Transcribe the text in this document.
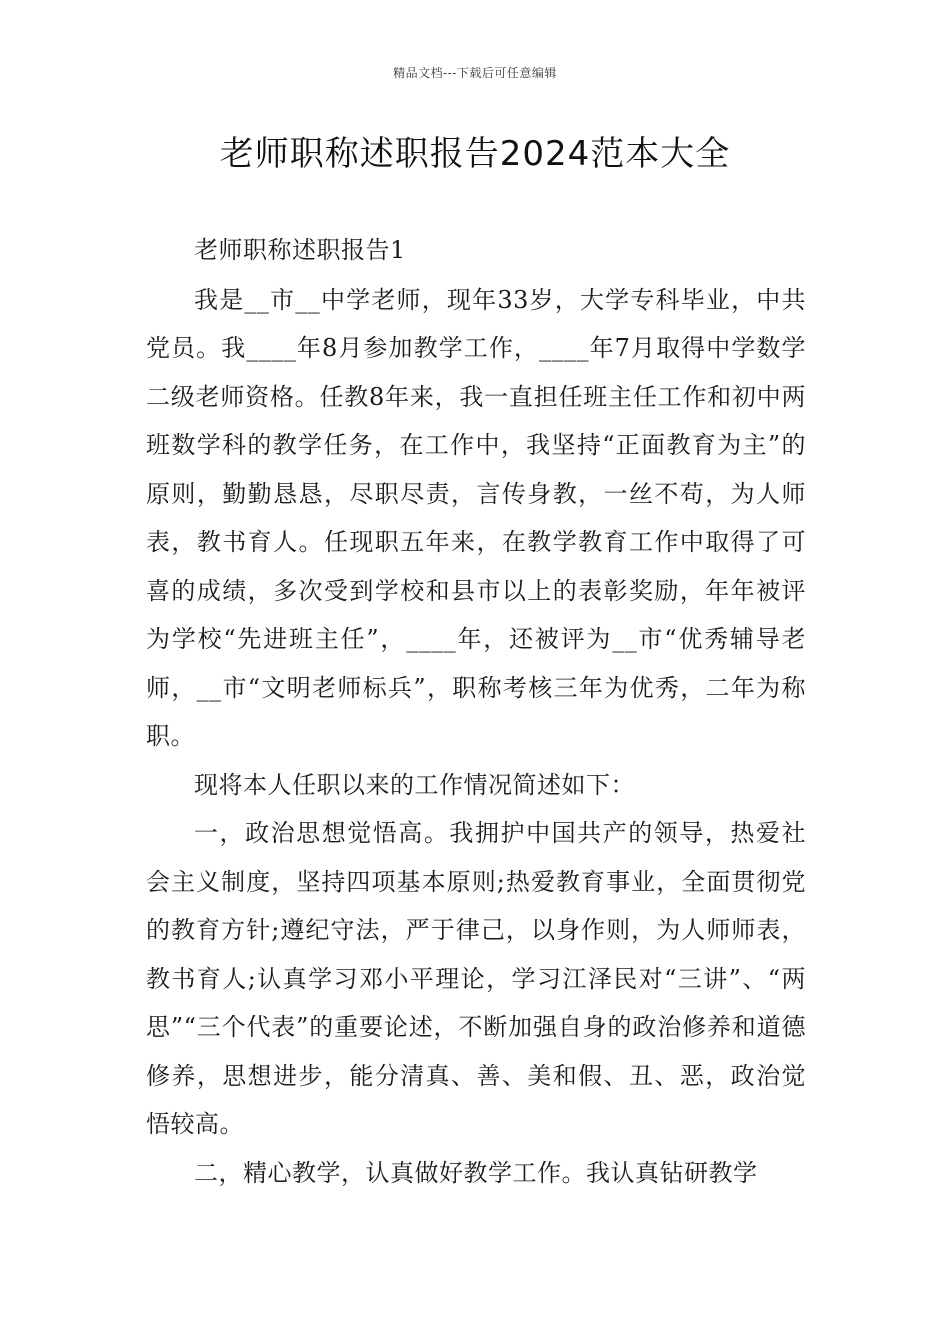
精品文档---下载后可任意编辑
老师职称述职报告2024范本大全

老师职称述职报告1

我是__市__中学老师，现年33岁，大学专科毕业，中共党员。我____年8月参加教学工作，____年7月取得中学数学二级老师资格。任教8年来，我一直担任班主任工作和初中两班数学科的教学任务，在工作中，我坚持“正面教育为主”的原则，勤勤恳恳，尽职尽责，言传身教，一丝不苟，为人师表，教书育人。任现职五年来，在教学教育工作中取得了可喜的成绩，多次受到学校和县市以上的表彰奖励，年年被评为学校“先进班主任”，____年，还被评为__市“优秀辅导老师，__市“文明老师标兵”，职称考核三年为优秀，二年为称职。

现将本人任职以来的工作情况简述如下：

一，政治思想觉悟高。我拥护中国共产的领导，热爱社会主义制度，坚持四项基本原则;热爱教育事业，全面贯彻党的教育方针;遵纪守法，严于律己，以身作则，为人师师表，教书育人;认真学习邓小平理论，学习江泽民对“三讲”、“两思”“三个代表”的重要论述，不断加强自身的政治修养和道德修养，思想进步，能分清真、善、美和假、丑、恶，政治觉悟较高。

二，精心教学，认真做好教学工作。我认真钻研教学
